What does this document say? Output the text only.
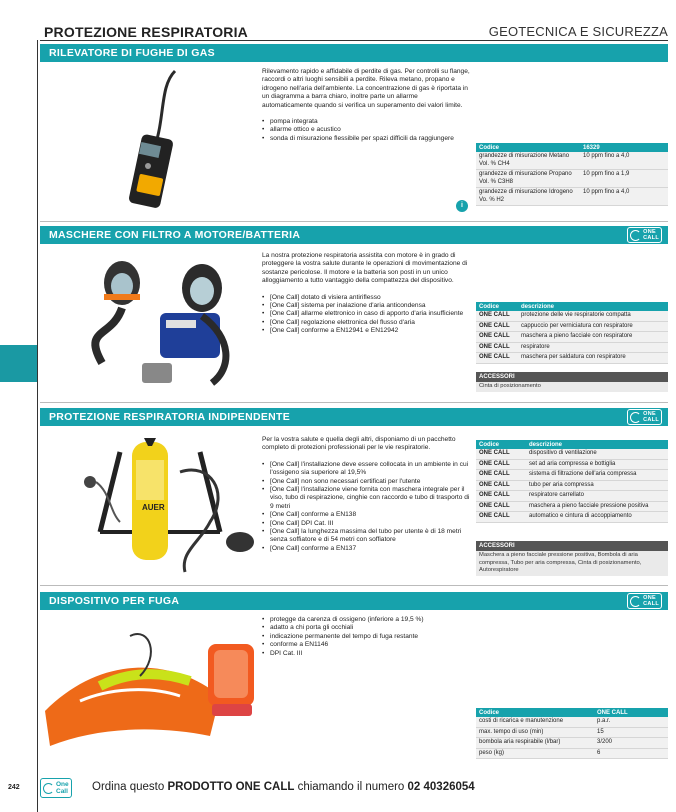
PROTEZIONE RESPIRATORIA	GEOTECNICA E SICUREZZA
RILEVATORE DI FUGHE DI GAS

Rilevamento rapido e affidabile di perdite di gas. Per controlli su flange, raccordi o altri luoghi sensibili a perdite. Rileva metano, propano e idrogeno nell'aria dell'ambiente. La concentrazione di gas è riportata in un diagramma a barra chiaro, inoltre parte un allarme automaticamente quando si verifica un superamento dei valori limite.

• pompa integrata
• allarme ottico e acustico
• sonda di misurazione flessibile per spazi difficili da raggiungere
i
Codice	16329
grandezze di misurazione Metano Vol. % CH4	10 ppm fino a 4,0
grandezze di misurazione Propano Vol. % C3H8	10 ppm fino a 1,9
grandezze di misurazione Idrogeno Vo. % H2	10 ppm fino a 4,0
MASCHERE CON FILTRO A MOTORE/BATTERIA	ONE
CALL

La nostra protezione respiratoria assistita con motore è in grado di proteggere la vostra salute durante le operazioni di movimentazione di sostanze pericolose. Il motore e la batteria son posti in un unico alloggiamento a tutto vantaggio della compattezza del dispositivo.

• [One Call] dotato di visiera antiriflesso
• [One Call] sistema per inalazione d'aria anticondensa
• [One Call] allarme elettronico in caso di apporto d'aria insufficiente
• [One Call] regolazione elettronica del flusso d'aria
• [One Call] conforme a EN12941 e EN12942
Codice	descrizione
ONE CALL	protezione delle vie respiratorie compatta
ONE CALL	cappuccio per verniciatura con respiratore
ONE CALL	maschera a pieno facciale con respiratore
ONE CALL	respiratore
ONE CALL	maschera per saldatura con respiratore
ACCESSORI
Cinta di posizionamento
PROTEZIONE RESPIRATORIA INDIPENDENTE	ONE
CALL
AUER

Per la vostra salute e quella degli altri, disponiamo di un pacchetto completo di protezioni professionali per le vie respiratorie.

• [One Call] l'installazione deve essere collocata in un ambiente in cui l'ossigeno sia superiore al 19,5%
• [One Call] non sono necessari certificati per l'utente
• [One Call] l'installazione viene fornita con maschera integrale per il viso, tubo di respirazione, cinghie con raccordo e tubo di trasporto di 9 metri
• [One Call] conforme a EN138
• [One Call] DPI Cat. III
• [One Call] la lunghezza massima del tubo per utente è di 18 metri senza soffiatore e di 54 metri con soffiatore
• [One Call] conforme a EN137
Codice	descrizione
ONE CALL	dispositivo di ventilazione
ONE CALL	set ad aria compressa e bottiglia
ONE CALL	sistema di filtrazione dell'aria compressa
ONE CALL	tubo per aria compressa
ONE CALL	respiratore carrellato
ONE CALL	maschera a pieno facciale pressione positiva
ONE CALL	automatico e cintura di accoppiamento
ACCESSORI
Maschera a pieno facciale pressione positiva, Bombola di aria compressa, Tubo per aria compressa, Cinta di posizionamento, Autorespiratore
DISPOSITIVO PER FUGA	ONE
CALL
• protegge da carenza di ossigeno (inferiore a 19,5 %)
• adatto a chi porta gli occhiali
• indicazione permanente del tempo di fuga restante
• conforme a EN1146
• DPI Cat. III
Codice	ONE CALL
costi di ricarica e manutenzione	p.a.r.
max. tempo di uso (min)	15
bombola aria respirabile (l/bar)	3/200
peso (kg)	6
242	One
Call Ordina questo PRODOTTO ONE CALL chiamando il numero 02 40326054
